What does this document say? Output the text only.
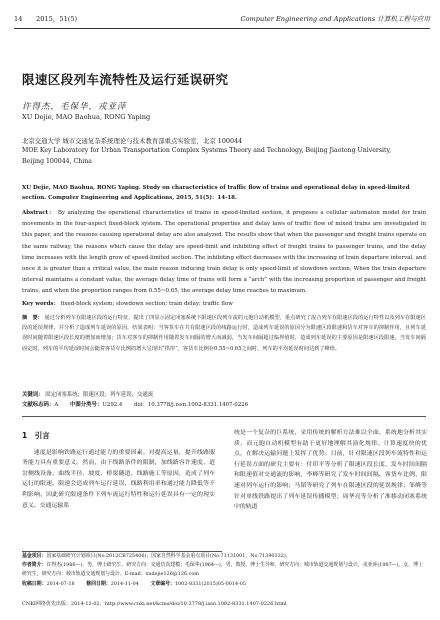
14 2015，51(5)	Computer Engineering and Applications 计算机工程与应用
限速区段列车流特性及运行延误研究
许得杰，毛保华，戎亚萍
XU Dejie, MAO Baohua, RONG Yaping
北京交通大学 城市交通复杂系统理论与技术教育部重点实验室，北京 100044
MOE Key Laboratory for Urban Transportation Complex Systems Theory and Technology, Beijing Jiaotong University,
Beijing 100044, China
XU Dejie, MAO Baohua, RONG Yaping. Study on characteristics of traffic flow of trains and operational delay in speed-limited section. Computer Engineering and Applications, 2015, 51(5)：14-18.
Abstract： By analyzing the operational characteristics of trains in speed-limited section, it proposes a cellular automaton model for train movements in the four-aspect fixed-block system. The operational properties and delay laws of traffic flow of mixed trains are investigated in this paper, and the reasons causing operational delay are also analyzed. The results show that when the passenger and freight trains operate on the same railway, the reasons which cause the delay are speed-limit and inhibiting effect of freight trains to passenger trains, and the delay time increases with the length grow of speed-limited section. The inhibiting effect decreases with the increasing of train departure interval, and once it is greater than a critical value, the main reason inducing train delay is only speed-limit of slowdown section. When the train departure interval maintains a constant value, the average delay time of trains will form a “arch” with the increasing proportion of passenger and freight trains, and when the proportion ranges from 0.55~0.65, the average delay time reaches to maximum.
Key words： fixed-block system; slowdown section; train delay; traffic flow
摘　要： 通过分析列车在限速区段的运行特征，提出了四显示固定闭塞系统下限速区段列车流的元胞自动机模型，重点研究了混合列车在限速区段的运行特性以及列车在限速区段的延误规律，并分析了造成列车延误的原因。结果表明：当客货车在共有限速区段的线路运行时，造成列车延误的原因分为限速区段限速和货车对客车的抑制作用，且列车延误时间随着限速区段长度的增加而增加；货车对客车的抑制作用随着发车间隔的增大而减弱，当发车间隔超过临界值时，造成列车延误的主要原因是限速区段限速。当发车间隔固定时，列车的平均延误时间会随着客货车比例的增大呈现出“拱形”，客货车比例在0.55~0.65之间时，列车的平均延误时间达到了峰值。
关键词： 固定闭塞系统；限速区段；列车延误；交通流
文献标志码：A 中图分类号：U292.4 doi：10.3778/j.issn.1002-8331.1407-0226
1　引言
速度是影响铁路运行通过能力的重要因素。对提高运量，提升线路服务能力具有重要意义。然而，由于线路条件的限制，加线路容许速度、道岔侧线设备、曲线半径、坡度、桥梁隧道、线路施工等原因，造成了列车运行的限速。限速会造成列车运行延误，线路利用率和通过能力降低等不利影响。因此研究限速条件下列车流运行特性和运行延误具有一定的现实意义。交通运输系
统是一个复杂的巨系统，采用传统的解析方法难以全面、系统地分析其实质，而元胞自动机模型有助于更好地理解其演化规律。计算速度快的优点，在解决运输问题上发挥了优势。目前，针对限速区段列车流特性和运行延误方面的研究主要有：付印平等分析了限速区段长度、发车时间间隔和限速值对交通流的影响，李峰等研究了发车时间间隔、客货车比例、限速对列车运行的影响；马韬等研究了列车在限速区段的延误规律；邹峰等针对单线铁路提出了列车延误传播模型；周华亮等分析了准移动闭塞系统中的轨道
基金项目：国家基础研究计划项目(No.2012CB725406)；国家自然科学基金重点项目(No.71131001，No.71390332)。
作者简介：许得杰(1986—)，男，博士研究生，研究方向：交通仿真建模；毛保华(1964—)，男，教授，博士生导师，研究方向：城市轨道交通规划与设计，戎亚萍(1987—)，女，博士研究生，研究方向：城市轨道交通规划与设计。E-mail：xudejie126@126.com
收稿日期：2014-07-18 修回日期：2014-11-04 文章编号：1002-8331(2015)05-0014-05
CNKI网络优先出版：2014-12-02，http://www.cnki.net/kcms/doi/10.3778/j.issn.1002-8331.1407-0226.html
